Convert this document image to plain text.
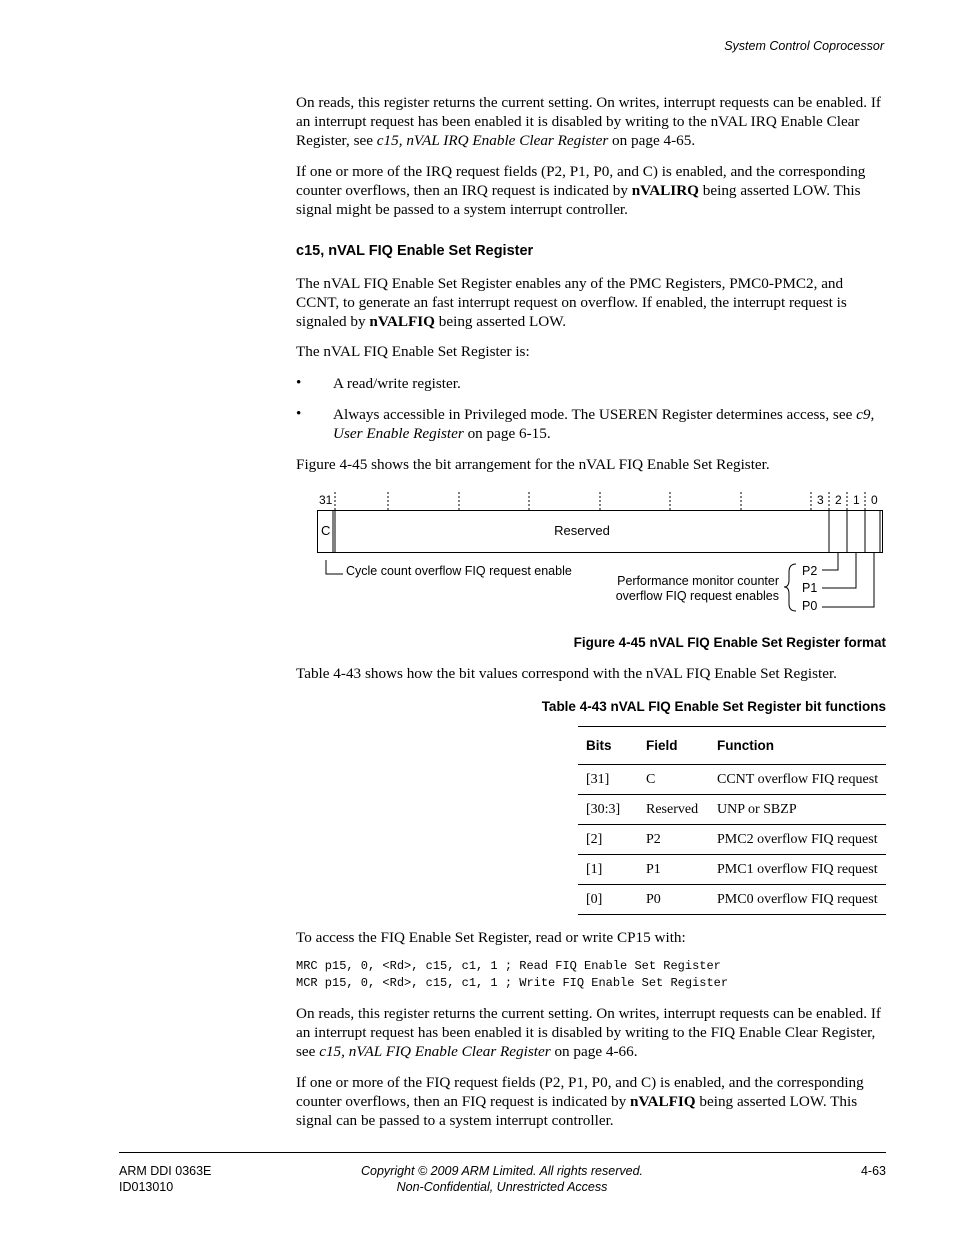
System Control Coprocessor

On reads, this register returns the current setting. On writes, interrupt requests can be enabled. If an interrupt request has been enabled it is disabled by writing to the nVAL IRQ Enable Clear Register, see c15, nVAL IRQ Enable Clear Register on page 4-65.

If one or more of the IRQ request fields (P2, P1, P0, and C) is enabled, and the corresponding counter overflows, then an IRQ request is indicated by nVALIRQ being asserted LOW. This signal might be passed to a system interrupt controller.

c15, nVAL FIQ Enable Set Register

The nVAL FIQ Enable Set Register enables any of the PMC Registers, PMC0-PMC2, and CCNT, to generate an fast interrupt request on overflow. If enabled, the interrupt request is signaled by nVALFIQ being asserted LOW.

The nVAL FIQ Enable Set Register is:
• A read/write register.
• Always accessible in Privileged mode. The USEREN Register determines access, see c9, User Enable Register on page 6-15.
Figure 4-45 shows the bit arrangement for the nVAL FIQ Enable Set Register.
31	3 2 1 0
C	Reserved
Cycle count overflow FIQ request enable
Performance monitor counter
overflow FIQ request enables
P2
P1
P0
Figure 4-45 nVAL FIQ Enable Set Register format
Table 4-43 shows how the bit values correspond with the nVAL FIQ Enable Set Register.
Table 4-43 nVAL FIQ Enable Set Register bit functions
Bits	Field	Function
[31]	C	CCNT overflow FIQ request
[30:3]	Reserved	UNP or SBZP
[2]	P2	PMC2 overflow FIQ request
[1]	P1	PMC1 overflow FIQ request
[0]	P0	PMC0 overflow FIQ request
To access the FIQ Enable Set Register, read or write CP15 with:
MRC p15, 0, <Rd>, c15, c1, 1 ; Read FIQ Enable Set Register
MCR p15, 0, <Rd>, c15, c1, 1 ; Write FIQ Enable Set Register

On reads, this register returns the current setting. On writes, interrupt requests can be enabled. If an interrupt request has been enabled it is disabled by writing to the FIQ Enable Clear Register, see c15, nVAL FIQ Enable Clear Register on page 4-66.

If one or more of the FIQ request fields (P2, P1, P0, and C) is enabled, and the corresponding counter overflows, then an FIQ request is indicated by nVALFIQ being asserted LOW. This signal can be passed to a system interrupt controller.

ARM DDI 0363E
ID013010
Copyright © 2009 ARM Limited. All rights reserved.
Non-Confidential, Unrestricted Access
4-63
